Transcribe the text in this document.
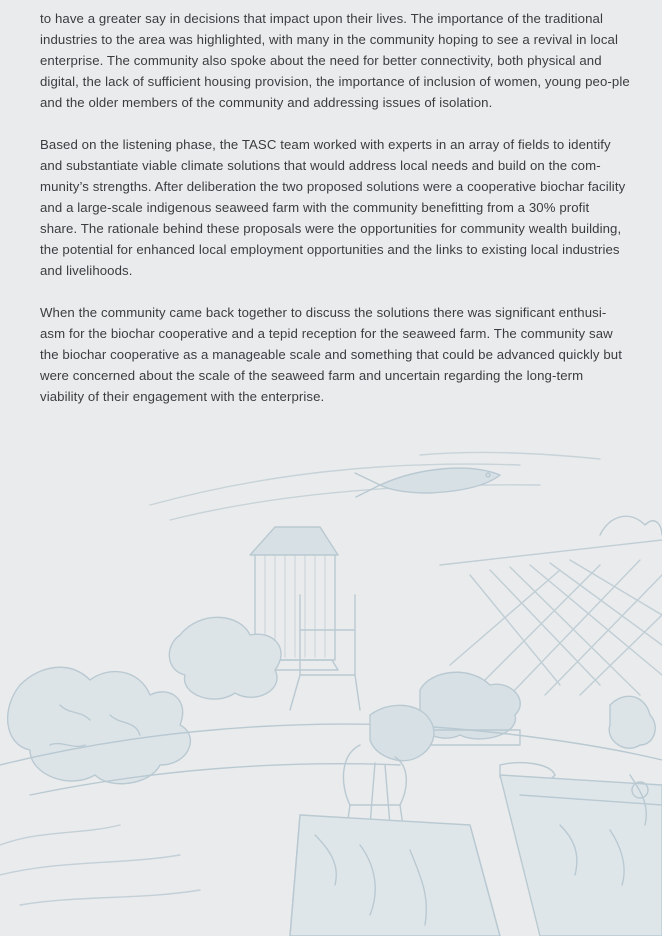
to have a greater say in decisions that impact upon their lives. The importance of the traditional industries to the area was highlighted, with many in the community hoping to see a revival in local enterprise. The community also spoke about the need for better connectivity, both physical and digital, the lack of sufficient housing provision, the importance of inclusion of women, young peo-ple and the older members of the community and addressing issues of isolation.

Based on the listening phase, the TASC team worked with experts in an array of fields to identify and substantiate viable climate solutions that would address local needs and build on the com-munity’s strengths. After deliberation the two proposed solutions were a cooperative biochar facility and a large-scale indigenous seaweed farm with the community benefitting from a 30% profit share. The rationale behind these proposals were the opportunities for community wealth building, the potential for enhanced local employment opportunities and the links to existing local industries and livelihoods.

When the community came back together to discuss the solutions there was significant enthusi-asm for the biochar cooperative and a tepid reception for the seaweed farm. The community saw the biochar cooperative as a manageable scale and something that could be advanced quickly but were concerned about the scale of the seaweed farm and uncertain regarding the long-term viability of their engagement with the enterprise.
